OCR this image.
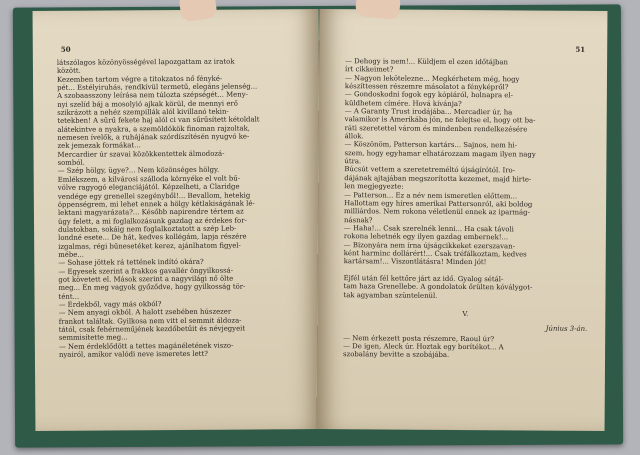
50
látszólagos közönyösségével lapozgattam az iratok
között.
Kezemben tartom végre a titokzatos nő fényké-
pét... Estélyiruhás, rendkívül termetű, elegáns jelenség...
A szobaasszony leírása nem túlozta szépségét... Meny-
nyi szelíd báj a mosolyió ajkak körül, de mennyi erő
szikrázott a nehéz szempillák alól kivillanó tekin-
tetekben! A sűrű fekete haj alól ci van sűrűsített kétoldalt
alátekintve a nyakra, a szemöldökök finoman rajzoltak,
nemesen ívelők, a ruhájának szórdíszítésén nyugvó ke-
zek jemezak formákat...
Mercardier úr szavai közökkentettek álmodozá-
somból.
— Szép hölgy, ügye?... Nem közönséges hölgy.
Emlékszem, a kilvárosi szálloda környéke el volt bű-
völve ragyogó eleganciájától. Képzelheti, a Claridge
vendége egy grenellei szegényből!... Bevallom, hetekig
öppenségrem, mi lehet ennek a hölgy kétlakiságának lé-
lektani magyarázata?... Később napirendre tértem az
ügy felett, a mi foglalkozásunk gazdag az érdekes for-
dulatokban, sokáig nem foglalkoztatott a szép Leb-
londné esete... De hát, kedves kollégám, lapja részére
izgalmas, régi bűnesetéket kerez, ajánlhatom figyel-
mébe...
— Sohase jöttek rá tettének indító okára?
— Egyesek szerint a frakkos gavallér öngyilkossá-
got követett el. Mások szerint a nagyvilági nő ölte
meg... Én meg vagyok győződve, hogy gyilkosság tör-
tént...
— Érdekből, vagy más okból?
— Nem anyagi okból. A halott zsebében húszezer
frankot találtak. Gyilkosa nem vitt el semmit áldoza-
tától, csak fehérneműjének kezdőbetűit és névjegyeit
semmisítette meg...
— Nem érdeklődött a tettes magánéletének viszo-
nyairól, amikor valódi neve ismeretes lett?
51
— Dehogy is nem!... Küldjem el ezen időtájban
írt cikkeimet?
— Nagyon lekötelezne... Megkérhetem még, hogy
készíttessen részemre másolatot a fényképről?
— Gondoskodni fogok egy kópiáról, holnapra el-
küldhetem címére. Hová kívánja?
— A Garanty Trust irodájába... Mercadier úr, ha
valamikor is Amerikába jön, ne felejtse el, hogy ott ba-
ráti szeretettel várom és mindenben rendelkezésére
állok.
— Köszönöm, Patterson kartárs... Sajnos, nem hi-
szem, hogy egyhamar elhatározzam magam ilyen nagy
útra.
Búcsút vettem a szeretetreméltó újságírótól. Iro-
dájának ajtajában megszorította kezemet, majd hirte-
len megjegyezte:
— Patterson... Ez a név nem ismeretlen előttem...
Hallottam egy híres amerikai Pattersonról, aki boldog
milliárdos. Nem rokona véletlenül ennek az iparmág-
násnak?
— Haha!... Csak szerelnék lenni... Ha csak távoli
rokona lehetnék egy ilyen gazdag embernek!...
— Bizonyára nem írna újságcikkeket ezerszavan-
ként harminc dollárért!... Csak tréfálkoztam, kedves
kartársam!... Viszontlátásra! Minden jót!

Éjfél után fél kettőre járt az idő. Gyalog sétál-
tam haza Grenellebe. A gondolatok őrülten kóválygot-
tak agyamban szüntelenül.
V.
Június 3-án.
— Nem érkezett posta részemre, Raoul úr?
— De igen, Aleck úr. Hoztak egy borítékot... A
szobalány bevitte a szobájába.
